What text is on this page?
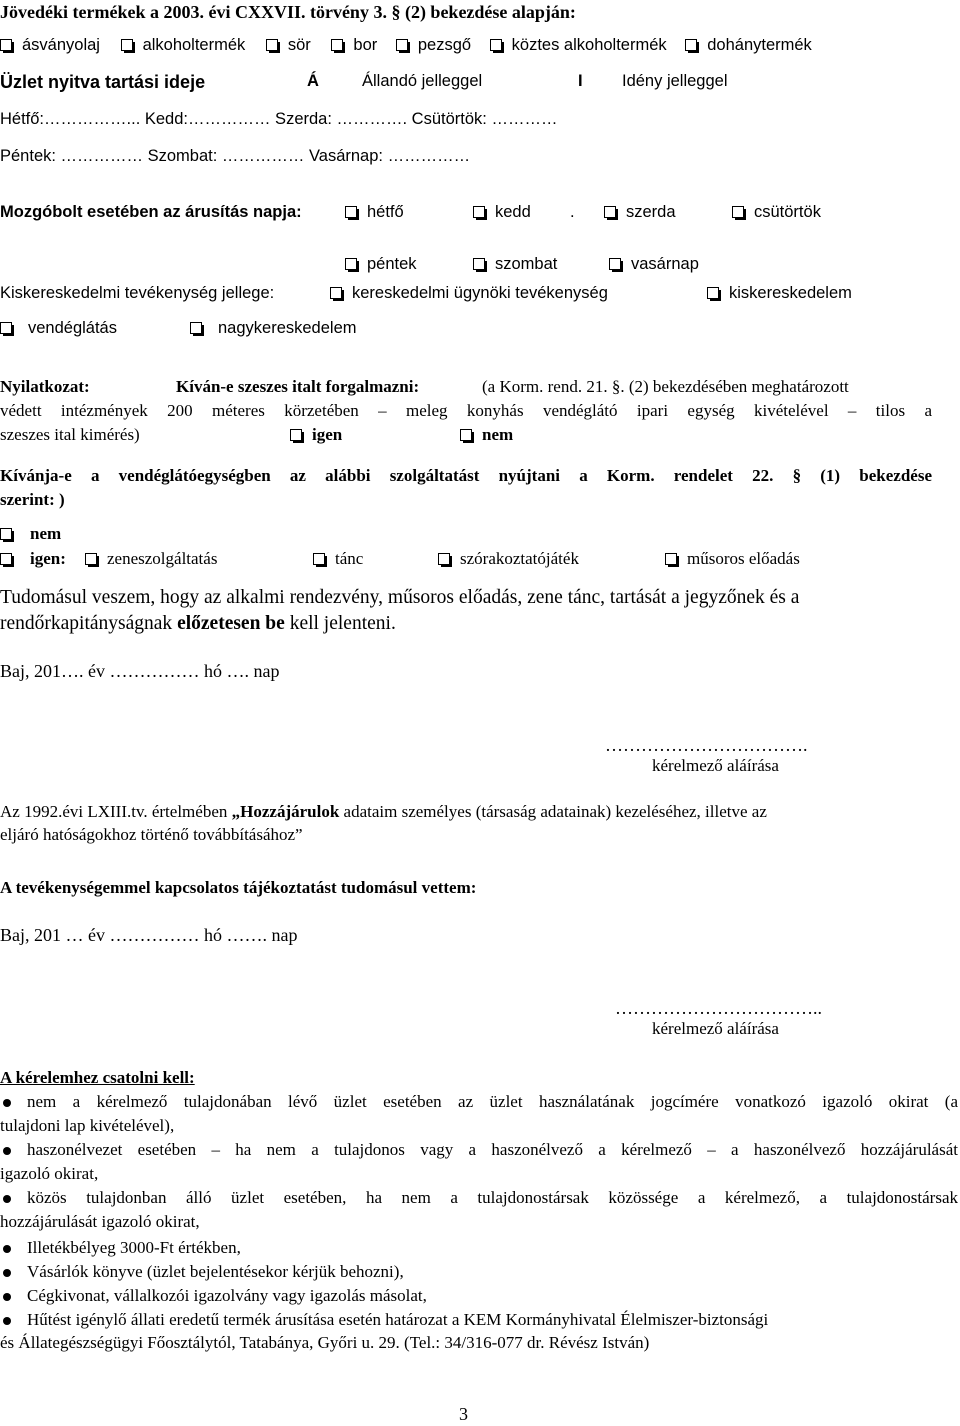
Jövedéki termékek a 2003. évi CXXVII. törvény 3. § (2) bekezdése alapján:
ásványolaj	alkoholtermék	sör	bor pezsgő köztes alkoholtermék dohánytermék
Üzlet nyitva tartási ideje	Á	Állandó jelleggel	I Idény jelleggel
Hétfő:……………... Kedd:…………… Szerda: …………. Csütörtök: …………
Péntek: …………… Szombat: …………… Vasárnap: ……………
Mozgóbolt esetében az árusítás napja:	hétfő	kedd .	szerda	csütörtök
péntek	szombat	vasárnap
Kiskereskedelmi tevékenység jellege:	kereskedelmi ügynöki tevékenység	kiskereskedelem
vendéglátás	nagykereskedelem
Nyilatkozat:	Kíván-e szeszes italt forgalmazni:	(a Korm. rend. 21. §. (2) bekezdésében meghatározott
védett intézmények 200 méteres körzetében – meleg konyhás vendéglátó ipari egység kivételével – tilos a
szeszes ital kimérés)	igen	nem
Kívánja-e a vendéglátóegységben az alábbi szolgáltatást nyújtani a Korm. rendelet 22. § (1) bekezdése
szerint: )
nem
igen:	zeneszolgáltatás	tánc	szórakoztatójáték	műsoros előadás
Tudomásul veszem, hogy az alkalmi rendezvény, műsoros előadás, zene tánc, tartását a jegyzőnek és a
rendőrkapitányságnak előzetesen be kell jelenteni.
Baj, 201…. év …………… hó …. nap
…………………………….
kérelmező aláírása
Az 1992.évi LXIII.tv. értelmében „Hozzájárulok adataim személyes (társaság adatainak) kezeléséhez, illetve az
eljáró hatóságokhoz történő továbbításához”
A tevékenységemmel kapcsolatos tájékoztatást tudomásul vettem:
Baj, 201 … év …………… hó ……. nap
……………………………..
kérelmező aláírása
A kérelemhez csatolni kell:
nem a kérelmező tulajdonában lévő üzlet esetében az üzlet használatának jogcímére vonatkozó igazoló okirat (a
tulajdoni lap kivételével),
haszonélvezet esetében – ha nem a tulajdonos vagy a haszonélvező a kérelmező – a haszonélvező hozzájárulását
igazoló okirat,
közös tulajdonban álló üzlet esetében, ha nem a tulajdonostársak közössége a kérelmező, a tulajdonostársak
hozzájárulását igazoló okirat,
Illetékbélyeg 3000-Ft értékben,
Vásárlók könyve (üzlet bejelentésekor kérjük behozni),
Cégkivonat, vállalkozói igazolvány vagy igazolás másolat,
Hűtést igénylő állati eredetű termék árusítása esetén határozat a KEM Kormányhivatal Élelmiszer-biztonsági
és Állategészségügyi Főosztálytól, Tatabánya, Győri u. 29. (Tel.: 34/316-077 dr. Révész István)
3
